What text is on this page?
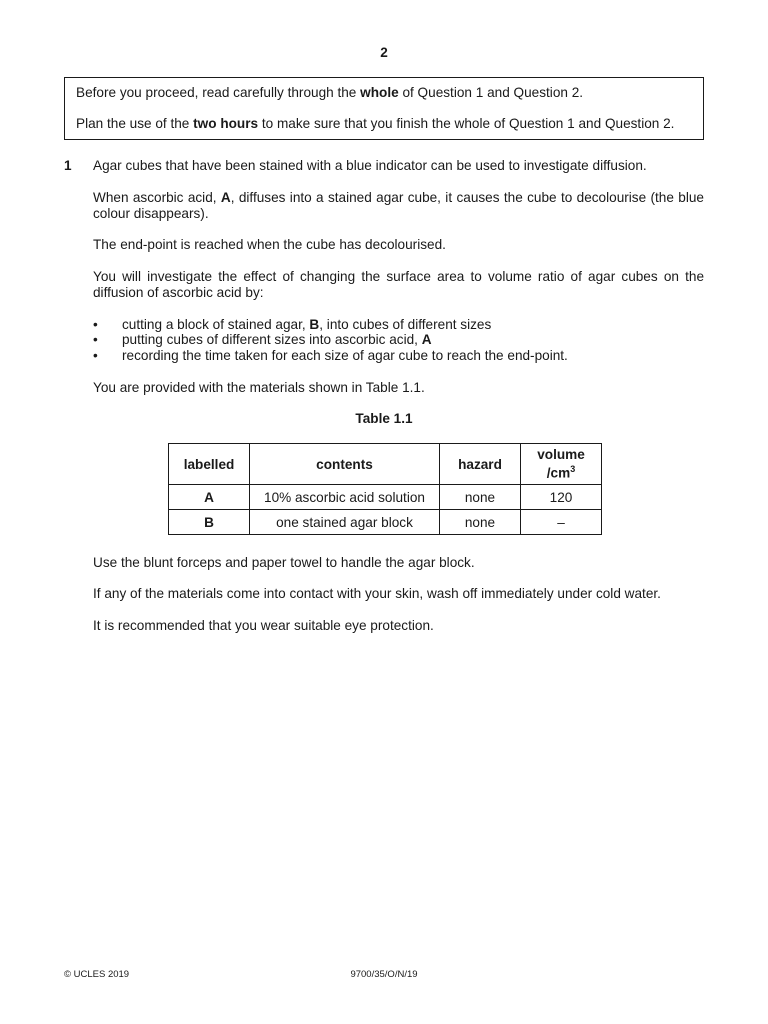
2

Before you proceed, read carefully through the whole of Question 1 and Question 2.

Plan the use of the two hours to make sure that you finish the whole of Question 1 and Question 2.

1 Agar cubes that have been stained with a blue indicator can be used to investigate diffusion.

When ascorbic acid, A, diffuses into a stained agar cube, it causes the cube to decolourise (the blue colour disappears).

The end-point is reached when the cube has decolourised.

You will investigate the effect of changing the surface area to volume ratio of agar cubes on the diffusion of ascorbic acid by:

• cutting a block of stained agar, B, into cubes of different sizes

• putting cubes of different sizes into ascorbic acid, A

• recording the time taken for each size of agar cube to reach the end-point.

You are provided with the materials shown in Table 1.1.

Table 1.1
labelled	contents	hazard	volume
$/cm^3$
A	10% ascorbic acid solution	none	120
B	one stained agar block	none	–

Use the blunt forceps and paper towel to handle the agar block.

If any of the materials come into contact with your skin, wash off immediately under cold water.

It is recommended that you wear suitable eye protection.

© UCLES 2019	9700/35/O/N/19
